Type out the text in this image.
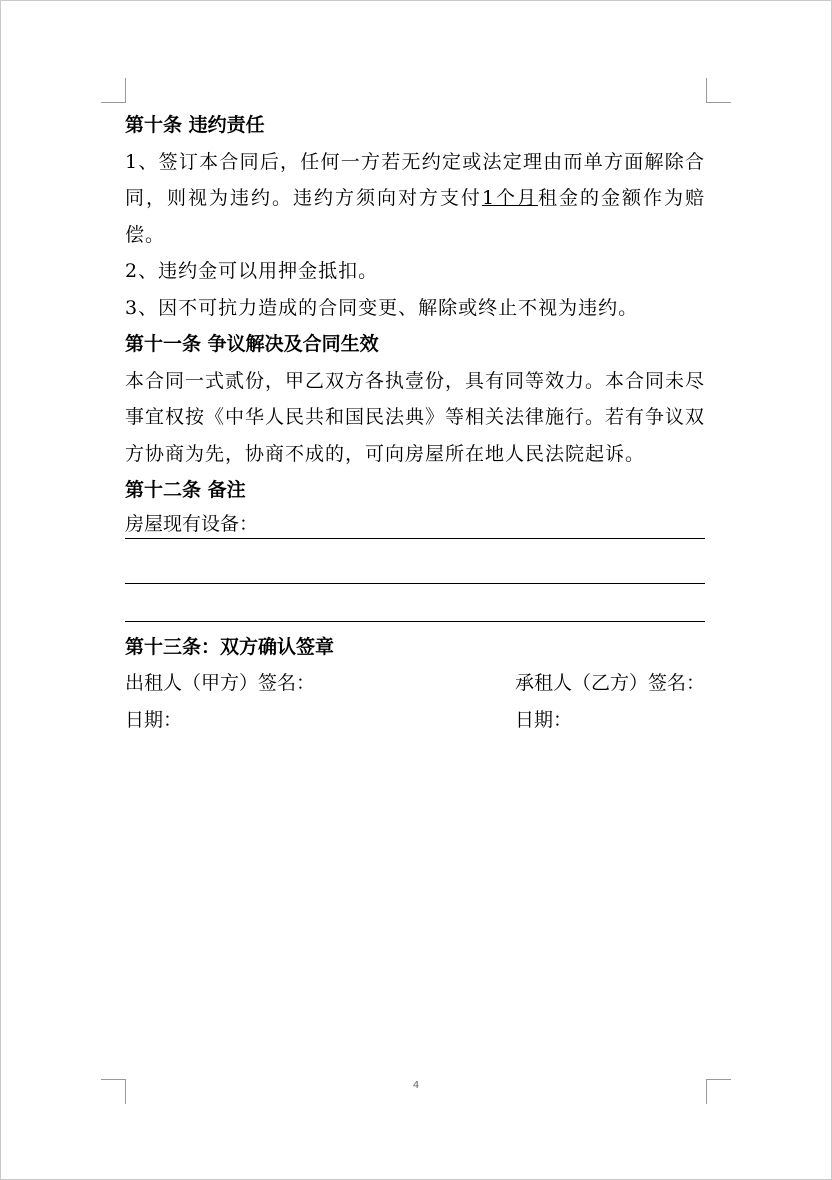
第十条 违约责任
1、签订本合同后，任何一方若无约定或法定理由而单方面解除合同，则视为违约。违约方须向对方支付1个月租金的金额作为赔偿。
2、违约金可以用押金抵扣。
3、因不可抗力造成的合同变更、解除或终止不视为违约。
第十一条 争议解决及合同生效
本合同一式贰份，甲乙双方各执壹份，具有同等效力。本合同未尽事宜权按《中华人民共和国民法典》等相关法律施行。若有争议双方协商为先，协商不成的，可向房屋所在地人民法院起诉。
第十二条 备注
房屋现有设备：
第十三条：双方确认签章
出租人（甲方）签名：	承租人（乙方）签名：
日期：	日期：
4
